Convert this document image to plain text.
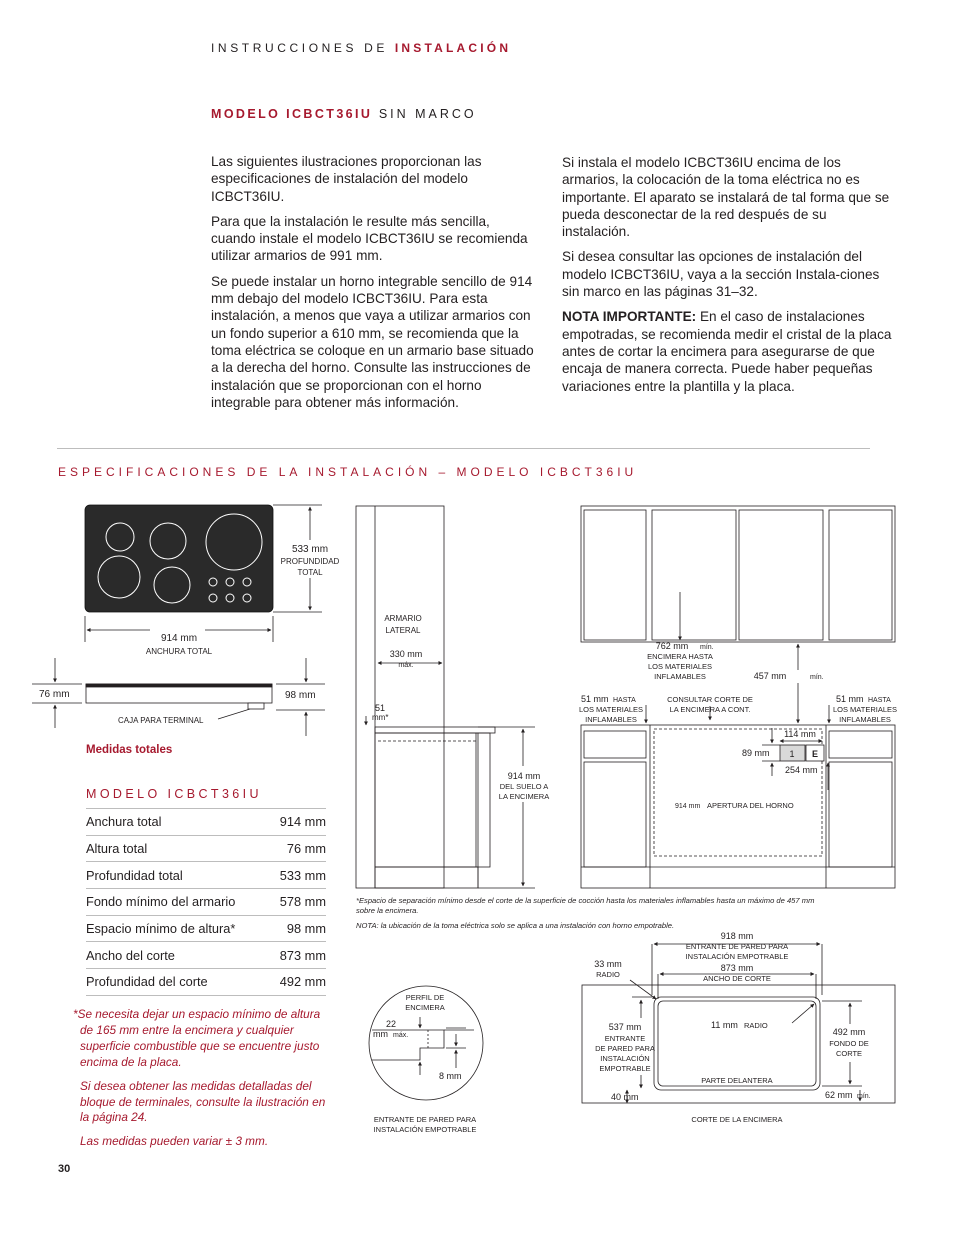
INSTRUCCIONES DE INSTALACIÓN
MODELO ICBCT36IU SIN MARCO

Las siguientes ilustraciones proporcionan las especificaciones de instalación del modelo ICBCT36IU.

Para que la instalación le resulte más sencilla, cuando instale el modelo ICBCT36IU se recomienda utilizar armarios de 991 mm.

Se puede instalar un horno integrable sencillo de 914 mm debajo del modelo ICBCT36IU. Para esta instalación, a menos que vaya a utilizar armarios con un fondo superior a 610 mm, se recomienda que la toma eléctrica se coloque en un armario base situado a la derecha del horno. Consulte las instrucciones de instalación que se proporcionan con el horno integrable para obtener más información.

Si instala el modelo ICBCT36IU encima de los armarios, la colocación de la toma eléctrica no es importante. El aparato se instalará de tal forma que se pueda desconectar de la red después de su instalación.

Si desea consultar las opciones de instalación del modelo ICBCT36IU, vaya a la sección Instala-ciones sin marco en las páginas 31–32.

NOTA IMPORTANTE: En el caso de instalaciones empotradas, se recomienda medir el cristal de la placa antes de cortar la encimera para asegurarse de que encaja de manera correcta. Puede haber pequeñas variaciones entre la plantilla y la placa.

ESPECIFICACIONES DE LA INSTALACIÓN – MODELO ICBCT36IU
Medidas totales
MODELO ICBCT36IU
Anchura total	914 mm
Altura total	76 mm
Profundidad total	533 mm
Fondo mínimo del armario	578 mm
Espacio mínimo de altura*	98 mm
Ancho del corte	873 mm
Profundidad del corte	492 mm

*Se necesita dejar un espacio mínimo de altura de 165 mm entre la encimera y cualquier superficie combustible que se encuentre justo encima de la placa.

Si desea obtener las medidas detalladas del bloque de terminales, consulte la ilustración en la página 24.

Las medidas pueden variar ± 3 mm.

30
533 mm
PROFUNDIDAD
TOTAL
914 mm
ANCHURA TOTAL
76 mm	98 mm
CAJA PARA TERMINAL
ARMARIO
LATERAL
330 mm
máx.
51
mm*
914 mm
DEL SUELO A
LA ENCIMERA
762 mm mín.
ENCIMERA HASTA
LOS MATERIALES
INFLAMABLES	457 mm	mín.
51 mm HASTA
LOS MATERIALES
INFLAMABLES
CONSULTAR CORTE DE
LA ENCIMERA A CONT.
51 mm HASTA
LOS MATERIALES
INFLAMABLES
114 mm
89 mm 1 E
254 mm
914 mm APERTURA DEL HORNO
*Espacio de separación mínimo desde el corte de la superficie de cocción hasta los materiales inflamables hasta un máximo de 457 mm
sobre la encimera.
NOTA: la ubicación de la toma eléctrica solo se aplica a una instalación con horno empotrable.
PERFIL DE
ENCIMERA
22
mm máx.
8 mm
ENTRANTE DE PARED PARA
INSTALACIÓN EMPOTRABLE
918 mm
ENTRANTE DE PARED PARA
INSTALACIÓN EMPOTRABLE
873 mm
ANCHO DE CORTE
33 mm
RADIO
537 mm
ENTRANTE
DE PARED PARA
INSTALACIÓN
EMPOTRABLE
11 mm RADIO
492 mm
FONDO DE
CORTE
PARTE DELANTERA
40 mm	62 mm mín.
CORTE DE LA ENCIMERA
